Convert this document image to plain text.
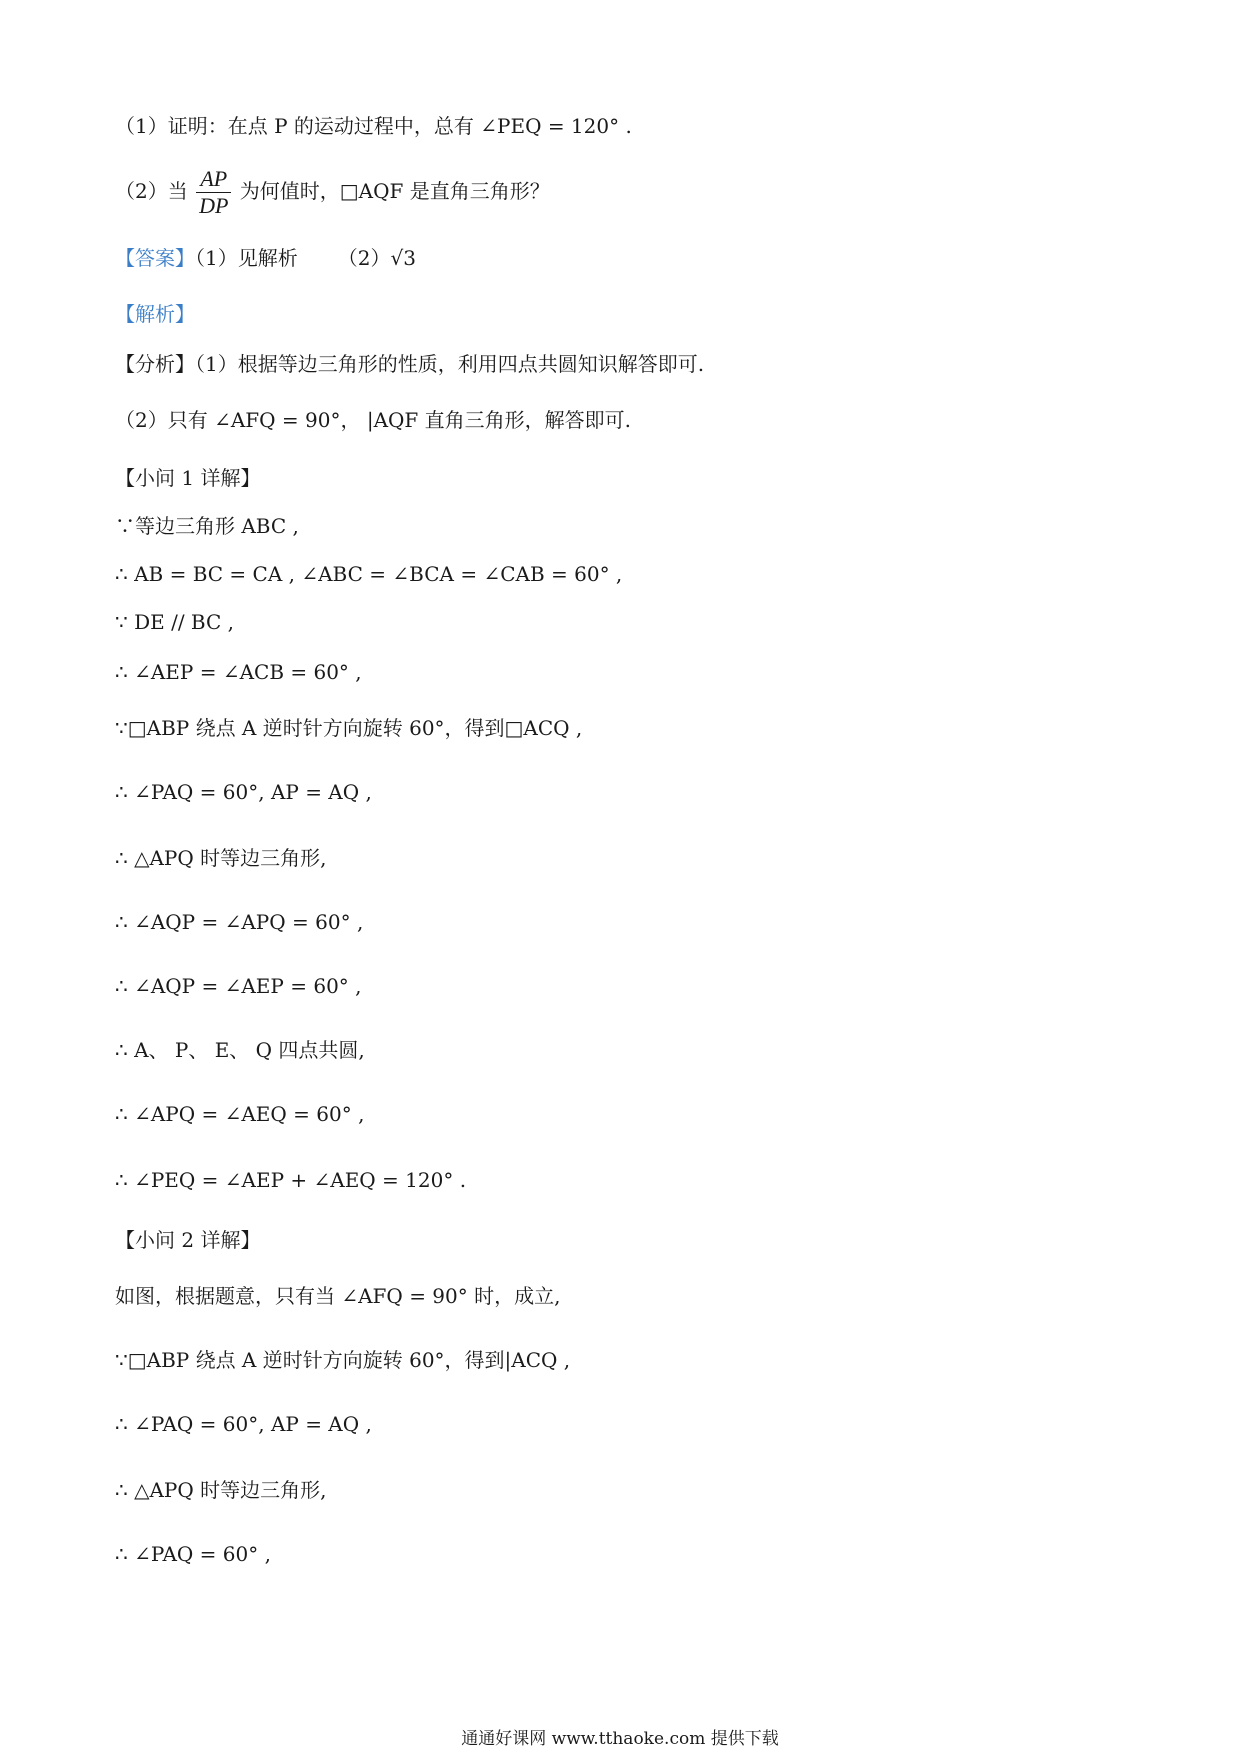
（1）证明：在点 P 的运动过程中，总有 ∠PEQ = 120° .
（2）当 $\frac{AP}{DP}$ 为何值时，□AQF 是直角三角形？
【答案】（1）见解析 （2）√3
【解析】
【分析】（1）根据等边三角形的性质，利用四点共圆知识解答即可.
（2）只有 ∠AFQ = 90°， |AQF 直角三角形，解答即可.
【小问 1 详解】
∵等边三角形 ABC ,
∴ AB = BC = CA , ∠ABC = ∠BCA = ∠CAB = 60° ,
∵ DE // BC ,
∴ ∠AEP = ∠ACB = 60° ,
∵□ABP 绕点 A 逆时针方向旋转 60°，得到□ACQ ,
∴ ∠PAQ = 60°, AP = AQ ,
∴ △APQ 时等边三角形,
∴ ∠AQP = ∠APQ = 60° ,
∴ ∠AQP = ∠AEP = 60° ,
∴ A、 P、 E、 Q 四点共圆,
∴ ∠APQ = ∠AEQ = 60° ,
∴ ∠PEQ = ∠AEP + ∠AEQ = 120° .
【小问 2 详解】
如图，根据题意，只有当 ∠AFQ = 90° 时，成立,
∵□ABP 绕点 A 逆时针方向旋转 60°，得到|ACQ ,
∴ ∠PAQ = 60°, AP = AQ ,
∴ △APQ 时等边三角形,
∴ ∠PAQ = 60° ,
通通好课网 www.tthaoke.com 提供下载
